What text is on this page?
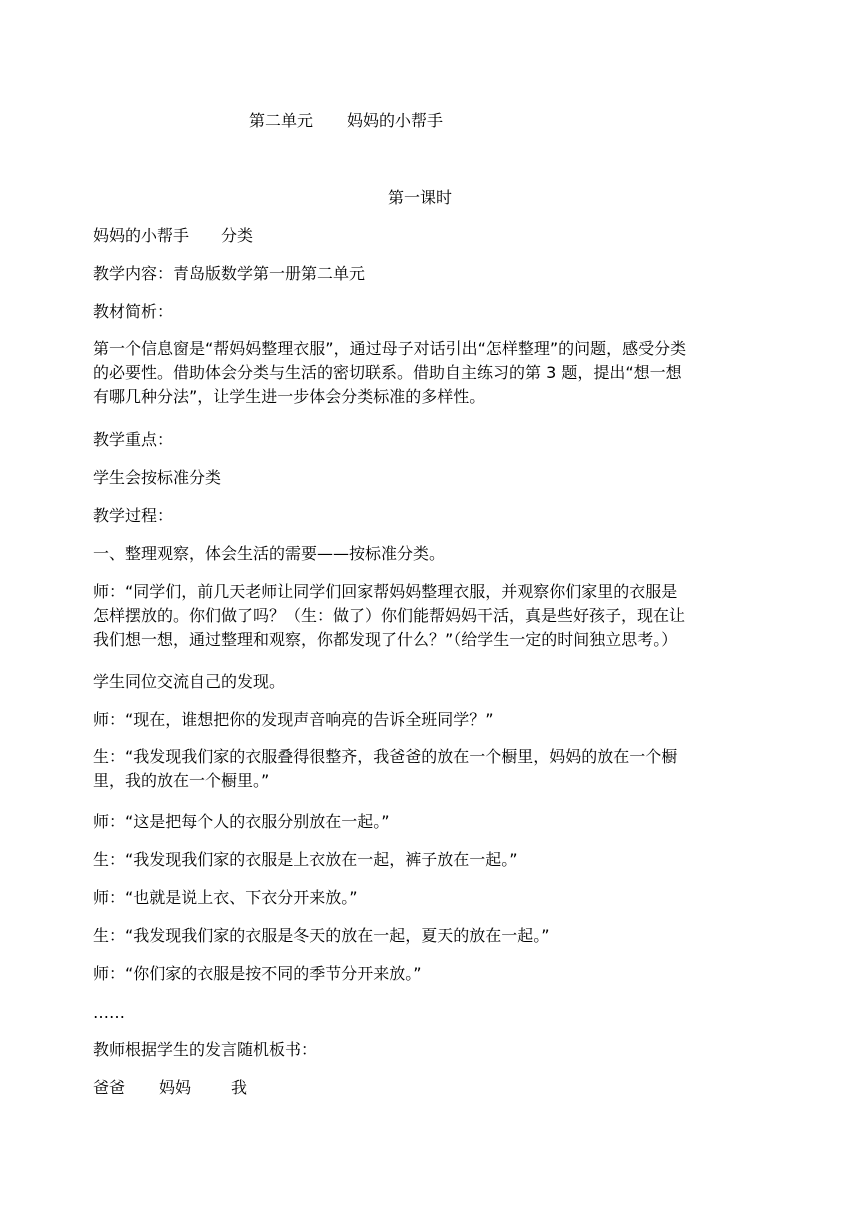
第二单元 妈妈的小帮手
第一课时
妈妈的小帮手 分类
教学内容：青岛版数学第一册第二单元
教材简析：
第一个信息窗是“帮妈妈整理衣服”，通过母子对话引出“怎样整理”的问题，感受分类
的必要性。借助体会分类与生活的密切联系。借助自主练习的第 3 题，提出“想一想
有哪几种分法”，让学生进一步体会分类标准的多样性。
教学重点：
学生会按标准分类
教学过程：
一、整理观察，体会生活的需要——按标准分类。
师：“同学们，前几天老师让同学们回家帮妈妈整理衣服，并观察你们家里的衣服是
怎样摆放的。你们做了吗？（生：做了）你们能帮妈妈干活，真是些好孩子，现在让
我们想一想，通过整理和观察，你都发现了什么？”（给学生一定的时间独立思考。）
学生同位交流自己的发现。
师：“现在，谁想把你的发现声音响亮的告诉全班同学？”
生：“我发现我们家的衣服叠得很整齐，我爸爸的放在一个橱里，妈妈的放在一个橱
里，我的放在一个橱里。”
师：“这是把每个人的衣服分别放在一起。”
生：“我发现我们家的衣服是上衣放在一起，裤子放在一起。”
师：“也就是说上衣、下衣分开来放。”
生：“我发现我们家的衣服是冬天的放在一起，夏天的放在一起。”
师：“你们家的衣服是按不同的季节分开来放。”
……
教师根据学生的发言随机板书：
爸爸 妈妈	我
